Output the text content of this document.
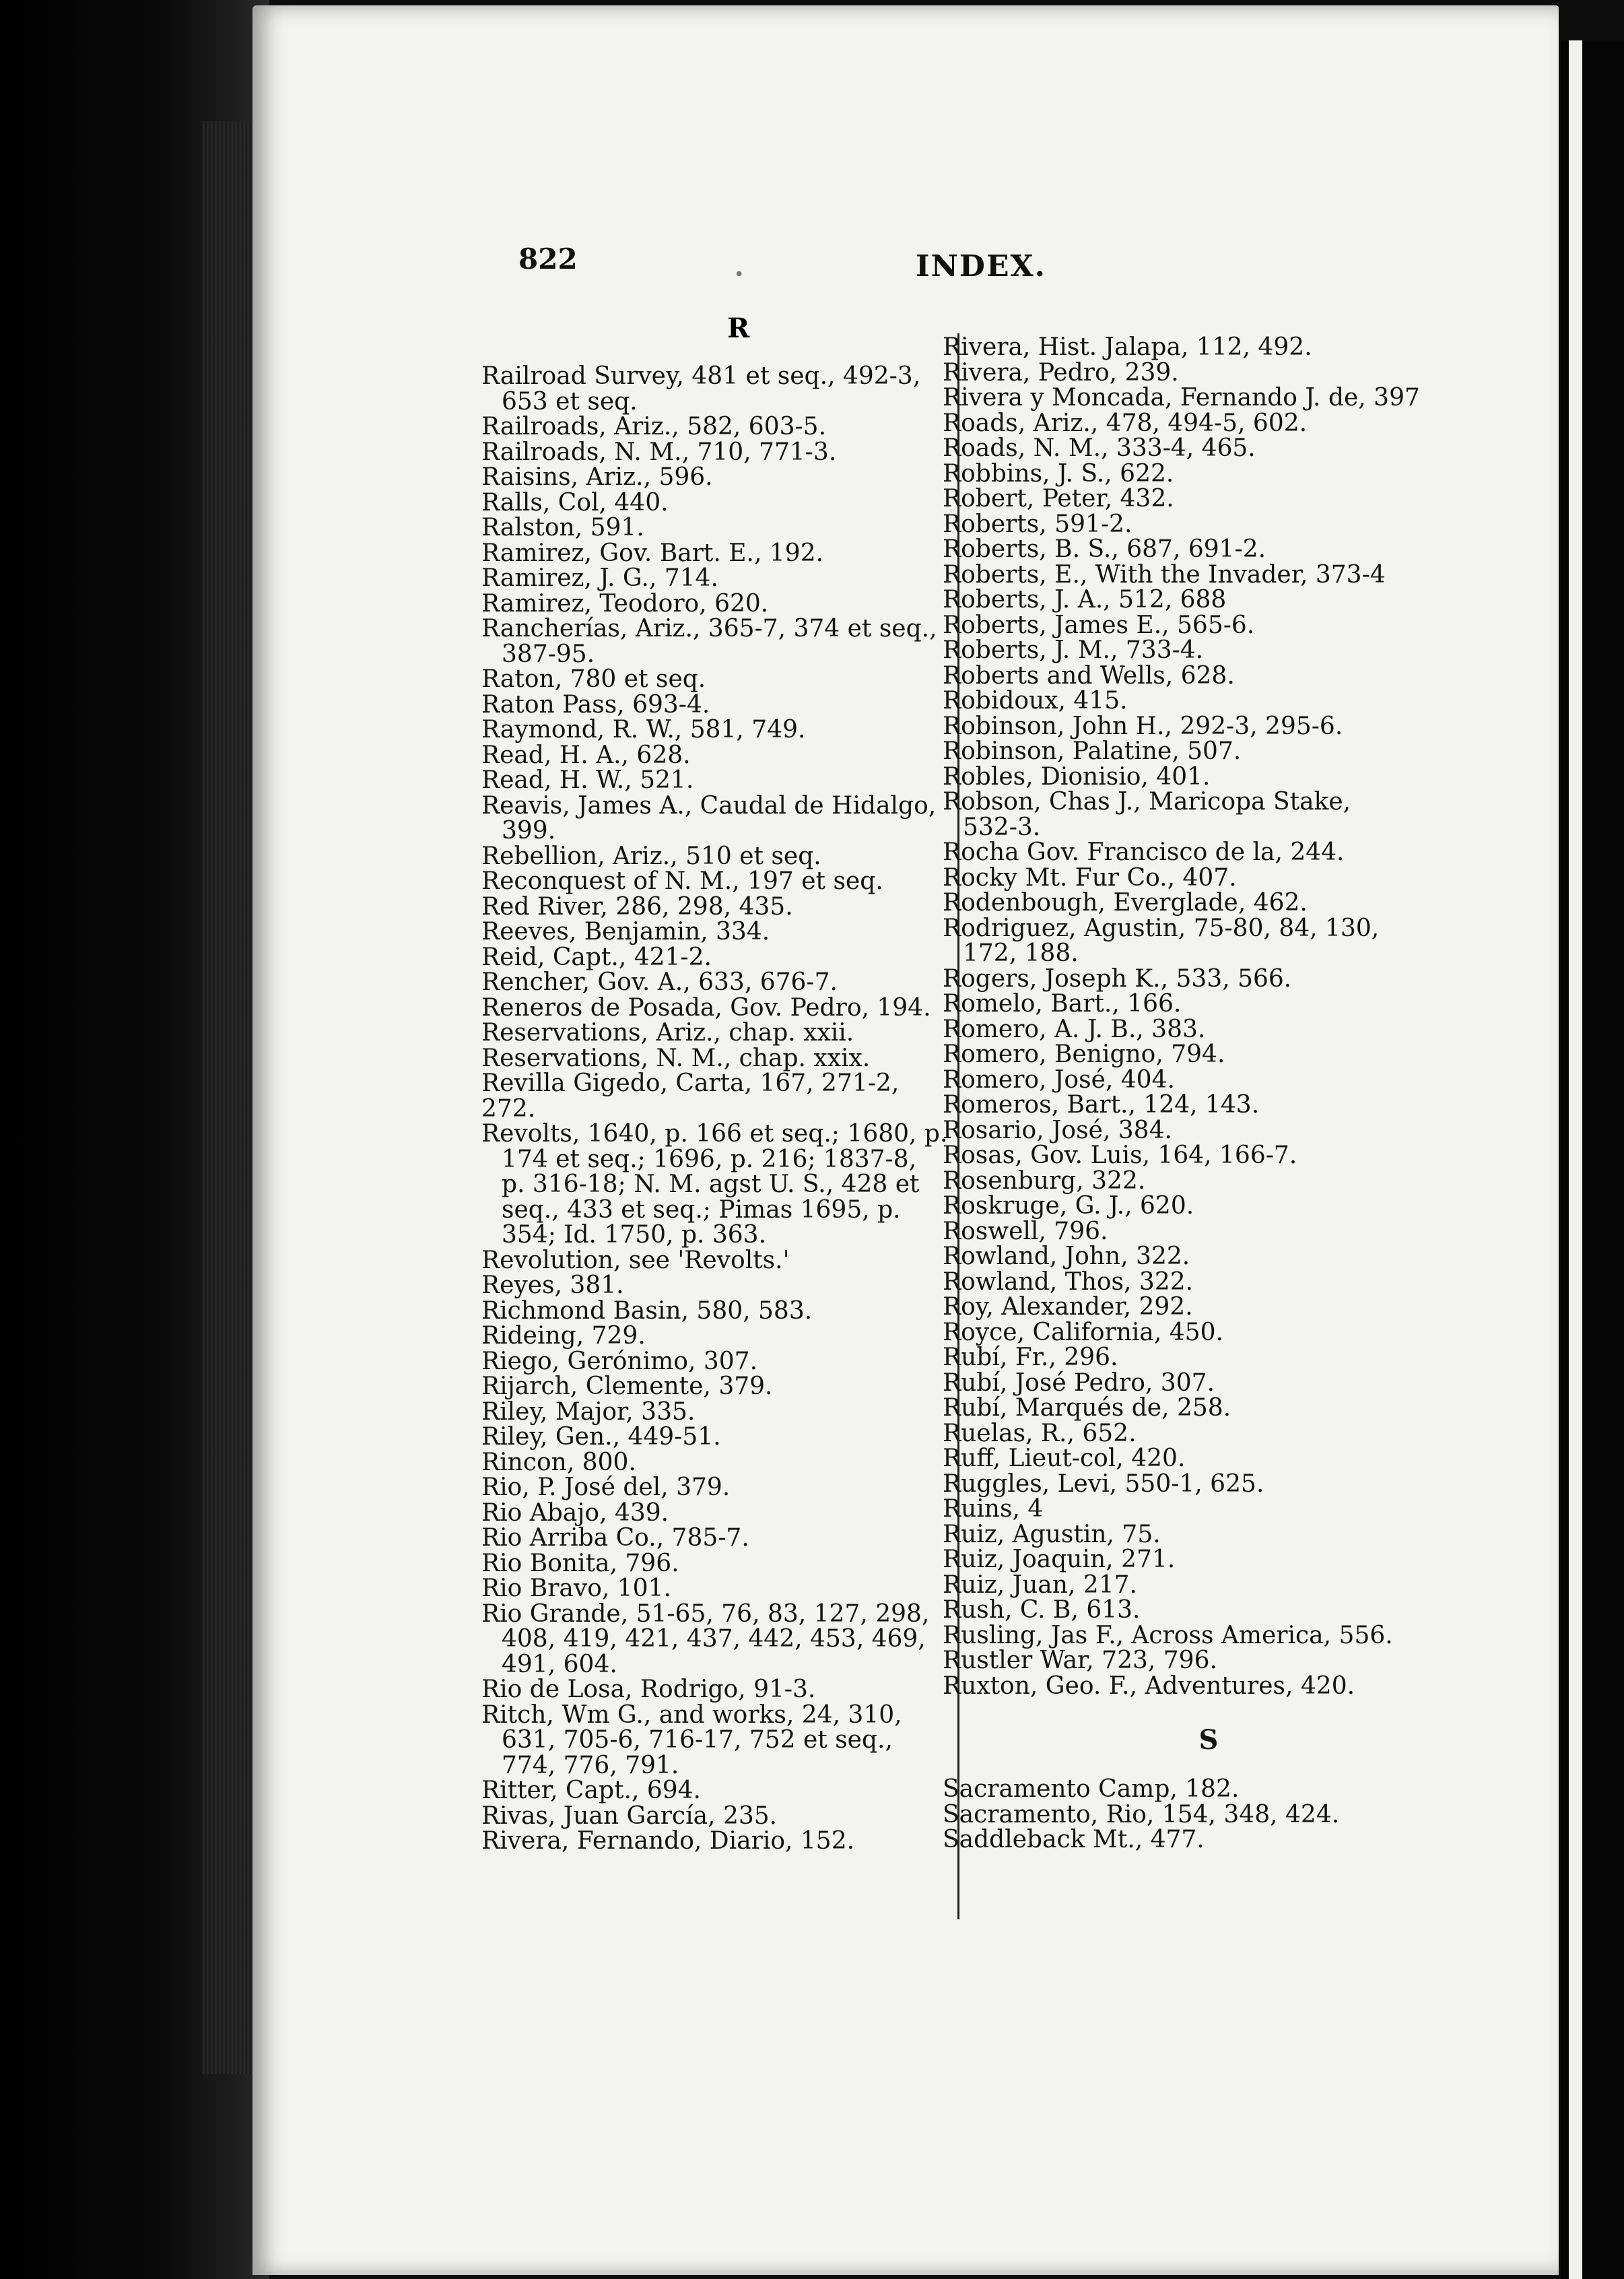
822	•	INDEX.
R
Railroad Survey, 481 et seq., 492-3,
653 et seq.
Railroads, Ariz., 582, 603-5.
Railroads, N. M., 710, 771-3.
Raisins, Ariz., 596.
Ralls, Col, 440.
Ralston, 591.
Ramirez, Gov. Bart. E., 192.
Ramirez, J. G., 714.
Ramirez, Teodoro, 620.
Rancherías, Ariz., 365-7, 374 et seq.,
387-95.
Raton, 780 et seq.
Raton Pass, 693-4.
Raymond, R. W., 581, 749.
Read, H. A., 628.
Read, H. W., 521.
Reavis, James A., Caudal de Hidalgo,
399.
Rebellion, Ariz., 510 et seq.
Reconquest of N. M., 197 et seq.
Red River, 286, 298, 435.
Reeves, Benjamin, 334.
Reid, Capt., 421-2.
Rencher, Gov. A., 633, 676-7.
Reneros de Posada, Gov. Pedro, 194.
Reservations, Ariz., chap. xxii.
Reservations, N. M., chap. xxix.
Revilla Gigedo, Carta, 167, 271-2, 272.
Revolts, 1640, p. 166 et seq.; 1680, p.
174 et seq.; 1696, p. 216; 1837-8,
p. 316-18; N. M. agst U. S., 428 et
seq., 433 et seq.; Pimas 1695, p.
354; Id. 1750, p. 363.
Revolution, see 'Revolts.'
Reyes, 381.
Richmond Basin, 580, 583.
Rideing, 729.
Riego, Gerónimo, 307.
Rijarch, Clemente, 379.
Riley, Major, 335.
Riley, Gen., 449-51.
Rincon, 800.
Rio, P. José del, 379.
Rio Abajo, 439.
Rio Arriba Co., 785-7.
Rio Bonita, 796.
Rio Bravo, 101.
Rio Grande, 51-65, 76, 83, 127, 298,
408, 419, 421, 437, 442, 453, 469,
491, 604.
Rio de Losa, Rodrigo, 91-3.
Ritch, Wm G., and works, 24, 310,
631, 705-6, 716-17, 752 et seq.,
774, 776, 791.
Ritter, Capt., 694.
Rivas, Juan García, 235.
Rivera, Fernando, Diario, 152.
Rivera, Hist. Jalapa, 112, 492.
Rivera, Pedro, 239.
Rivera y Moncada, Fernando J. de, 397
Roads, Ariz., 478, 494-5, 602.
Roads, N. M., 333-4, 465.
Robbins, J. S., 622.
Robert, Peter, 432.
Roberts, 591-2.
Roberts, B. S., 687, 691-2.
Roberts, E., With the Invader, 373-4
Roberts, J. A., 512, 688
Roberts, James E., 565-6.
Roberts, J. M., 733-4.
Roberts and Wells, 628.
Robidoux, 415.
Robinson, John H., 292-3, 295-6.
Robinson, Palatine, 507.
Robles, Dionisio, 401.
Robson, Chas J., Maricopa Stake,
532-3.
Rocha Gov. Francisco de la, 244.
Rocky Mt. Fur Co., 407.
Rodenbough, Everglade, 462.
Rodriguez, Agustin, 75-80, 84, 130,
172, 188.
Rogers, Joseph K., 533, 566.
Romelo, Bart., 166.
Romero, A. J. B., 383.
Romero, Benigno, 794.
Romero, José, 404.
Romeros, Bart., 124, 143.
Rosario, José, 384.
Rosas, Gov. Luis, 164, 166-7.
Rosenburg, 322.
Roskruge, G. J., 620.
Roswell, 796.
Rowland, John, 322.
Rowland, Thos, 322.
Roy, Alexander, 292.
Royce, California, 450.
Rubí, Fr., 296.
Rubí, José Pedro, 307.
Rubí, Marqués de, 258.
Ruelas, R., 652.
Ruff, Lieut-col, 420.
Ruggles, Levi, 550-1, 625.
Ruins, 4
Ruiz, Agustin, 75.
Ruiz, Joaquin, 271.
Ruiz, Juan, 217.
Rush, C. B, 613.
Rusling, Jas F., Across America, 556.
Rustler War, 723, 796.
Ruxton, Geo. F., Adventures, 420.
S
Sacramento Camp, 182.
Sacramento, Rio, 154, 348, 424.
Saddleback Mt., 477.
